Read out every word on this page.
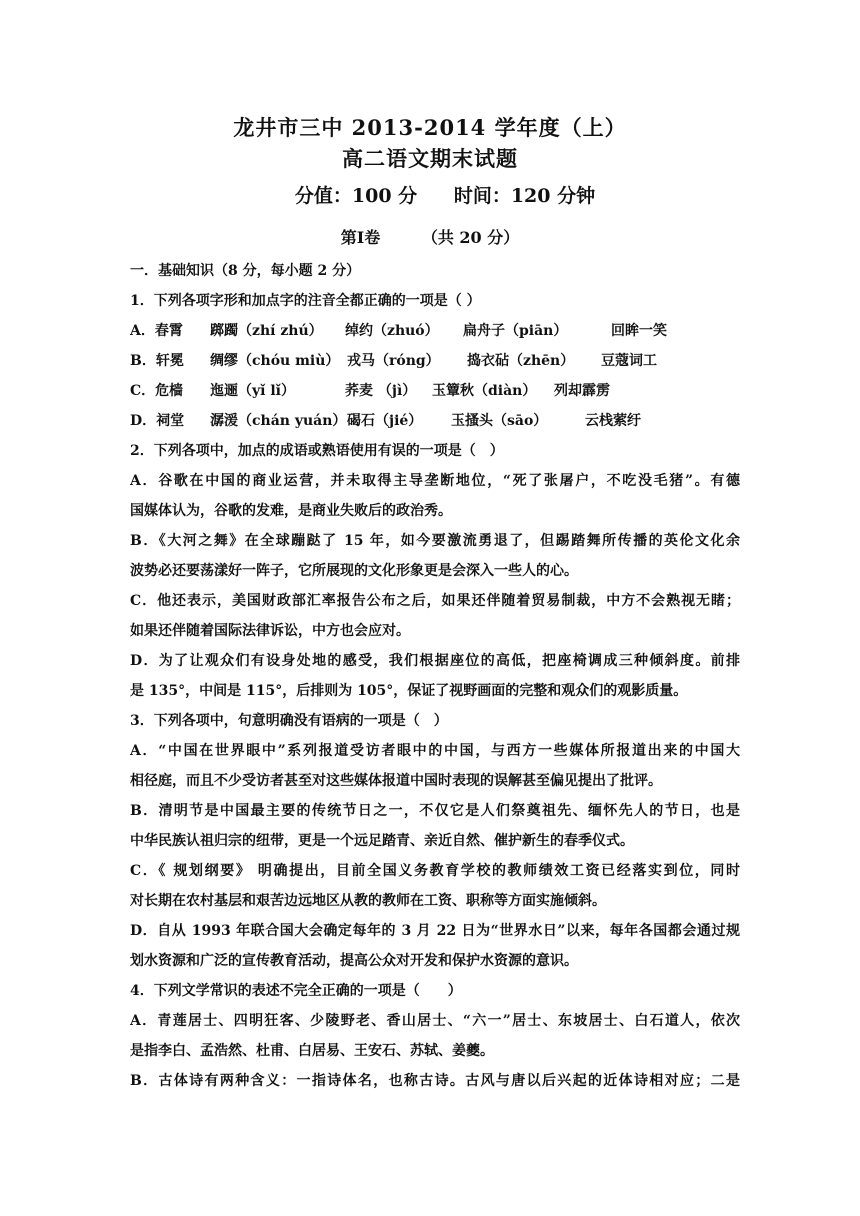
龙井市三中 2013-2014 学年度（上）
高二语文期末试题
分值：100 分 时间：120 分钟
第Ⅰ卷	（共 20 分）
一．基础知识（8 分，每小题 2 分）
1．下列各项字形和加点字的注音全都正确的一项是（ ）
A．春霄	踯躅（zhí zhú）	绰约（zhuó）	扁舟子（piān）	回眸一笑
B．轩冕	绸缪（chóu miù） 戎马（róng）	捣衣砧（zhēn）	豆蔻词工
C．危樯	迤逦（yǐ lǐ）	荞麦 （jì）	玉簟秋（diàn）	列却霹雳
D．祠堂	潺湲（chán yuán） 碣石（jié）	玉搔头（sāo）	云栈萦纡
2．下列各项中，加点的成语或熟语使用有误的一项是（　）
A．谷歌在中国的商业运营，并未取得主导垄断地位，“死了张屠户，不吃没毛猪”。有德
国媒体认为，谷歌的发难，是商业失败后的政治秀。
B．《大河之舞》在全球蹦跶了 15 年，如今要激流勇退了，但踢踏舞所传播的英伦文化余
波势必还要荡漾好一阵子，它所展现的文化形象更是会深入一些人的心。
C．他还表示，美国财政部汇率报告公布之后，如果还伴随着贸易制裁，中方不会熟视无睹；
如果还伴随着国际法律诉讼，中方也会应对。
D．为了让观众们有设身处地的感受，我们根据座位的高低，把座椅调成三种倾斜度。前排
是 135°，中间是 115°，后排则为 105°，保证了视野画面的完整和观众们的观影质量。
3．下列各项中，句意明确没有语病的一项是（　）
A．“中国在世界眼中”系列报道受访者眼中的中国，与西方一些媒体所报道出来的中国大
相径庭，而且不少受访者甚至对这些媒体报道中国时表现的误解甚至偏见提出了批评。
B．清明节是中国最主要的传统节日之一，不仅它是人们祭奠祖先、缅怀先人的节日，也是
中华民族认祖归宗的纽带，更是一个远足踏青、亲近自然、催护新生的春季仪式。
C．《 规划纲要》 明确提出，目前全国义务教育学校的教师绩效工资已经落实到位，同时
对长期在农村基层和艰苦边远地区从教的教师在工资、职称等方面实施倾斜。
D．自从 1993 年联合国大会确定每年的 3 月 22 日为“世界水日”以来，每年各国都会通过规
划水资源和广泛的宣传教育活动，提高公众对开发和保护水资源的意识。
4．下列文学常识的表述不完全正确的一项是（　　）
A．青莲居士、四明狂客、少陵野老、香山居士、“六一”居士、东坡居士、白石道人，依次
是指李白、孟浩然、杜甫、白居易、王安石、苏轼、姜夔。
B．古体诗有两种含义：一指诗体名，也称古诗。古风与唐以后兴起的近体诗相对应；二是
